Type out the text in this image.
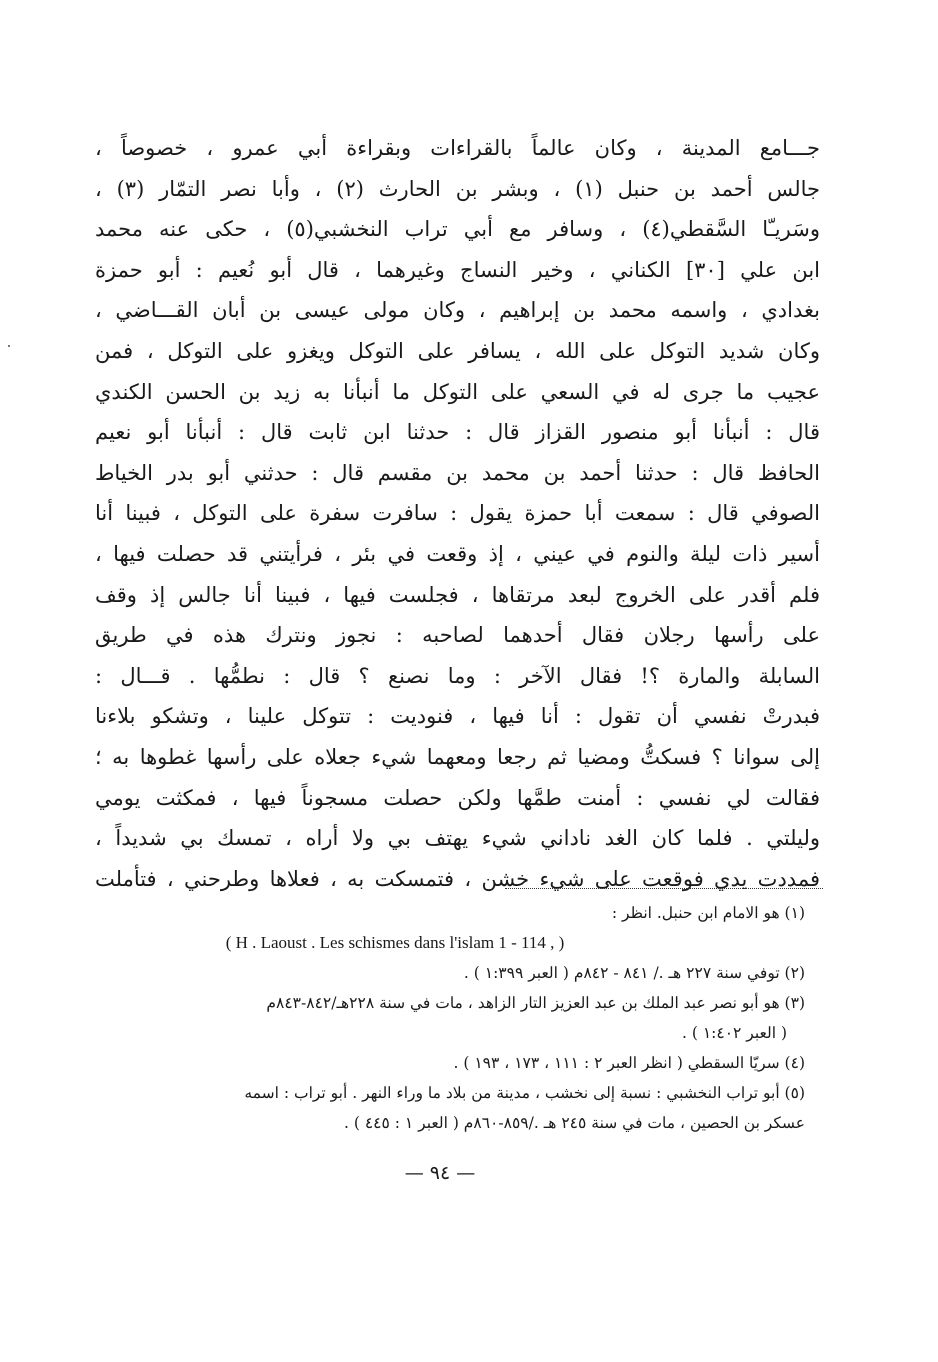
جـــامع المدينة ، وكان عالماً بالقراءات وبقراءة أبي عمرو ، خصوصاً ،
جالس أحمد بن حنبل (١) ، وبشر بن الحارث (٢) ، وأبا نصر التمّار (٣) ،
وسَريـّا السَّقطي(٤) ، وسافر مع أبي تراب النخشبي(٥) ، حكى عنه محمد
ابن علي [٣٠] الكناني ، وخير النساج وغيرهما ، قال أبو نُعيم : أبو حمزة
بغدادي ، واسمه محمد بن إبراهيم ، وكان مولى عيسى بن أبان القـــاضي ،
وكان شديد التوكل على الله ، يسافر على التوكل ويغزو على التوكل ، فمن
عجيب ما جرى له في السعي على التوكل ما أنبأنا به زيد بن الحسن الكندي
قال : أنبأنا أبو منصور القزاز قال : حدثنا ابن ثابت قال : أنبأنا أبو نعيم
الحافظ قال : حدثنا أحمد بن محمد بن مقسم قال : حدثني أبو بدر الخياط
الصوفي قال : سمعت أبا حمزة يقول : سافرت سفرة على التوكل ، فبينا أنا
أسير ذات ليلة والنوم في عيني ، إذ وقعت في بئر ، فرأيتني قد حصلت فيها ،
فلم أقدر على الخروج لبعد مرتقاها ، فجلست فيها ، فبينا أنا جالس إذ وقف
على رأسها رجلان فقال أحدهما لصاحبه : نجوز ونترك هذه في طريق
السابلة والمارة ؟! فقال الآخر : وما نصنع ؟ قال : نطمُّها . قـــال :
فبدرتْ نفسي أن تقول : أنا فيها ، فنوديت : تتوكل علينا ، وتشكو بلاءنا
إلى سوانا ؟ فسكتُّ ومضيا ثم رجعا ومعهما شيء جعلاه على رأسها غطوها به ؛
فقالت لي نفسي : أمنت طمَّها ولكن حصلت مسجوناً فيها ، فمكثت يومي
وليلتي . فلما كان الغد ناداني شيء يهتف بي ولا أراه ، تمسك بي شديداً ،
فمددت يدي فوقعت على شيء خشن ، فتمسكت به ، فعلاها وطرحني ، فتأملت
(١) هو الامام ابن حنبل. انظر :
( H . Laoust . Les schismes dans l'islam 1 - 114 , )
(٢) توفي سنة ٢٢٧ هـ ./ ٨٤١ - ٨٤٢م ( العبر ١:٣٩٩ ) .
(٣) هو أبو نصر عبد الملك بن عبد العزيز التار الزاهد ، مات في سنة ٢٢٨هـ/٨٤٢-٨٤٣م
( العبر ١:٤٠٢ ) .
(٤) سريّا السقطي ( انظر العبر ٢ : ١١١ ، ١٧٣ ، ١٩٣ ) .
(٥) أبو تراب النخشبي : نسبة إلى نخشب ، مدينة من بلاد ما وراء النهر . أبو تراب : اسمه
عسكر بن الحصين ، مات في سنة ٢٤٥ هـ ./٨٥٩-٨٦٠م ( العبر ١ : ٤٤٥ ) .
— ٩٤ —
